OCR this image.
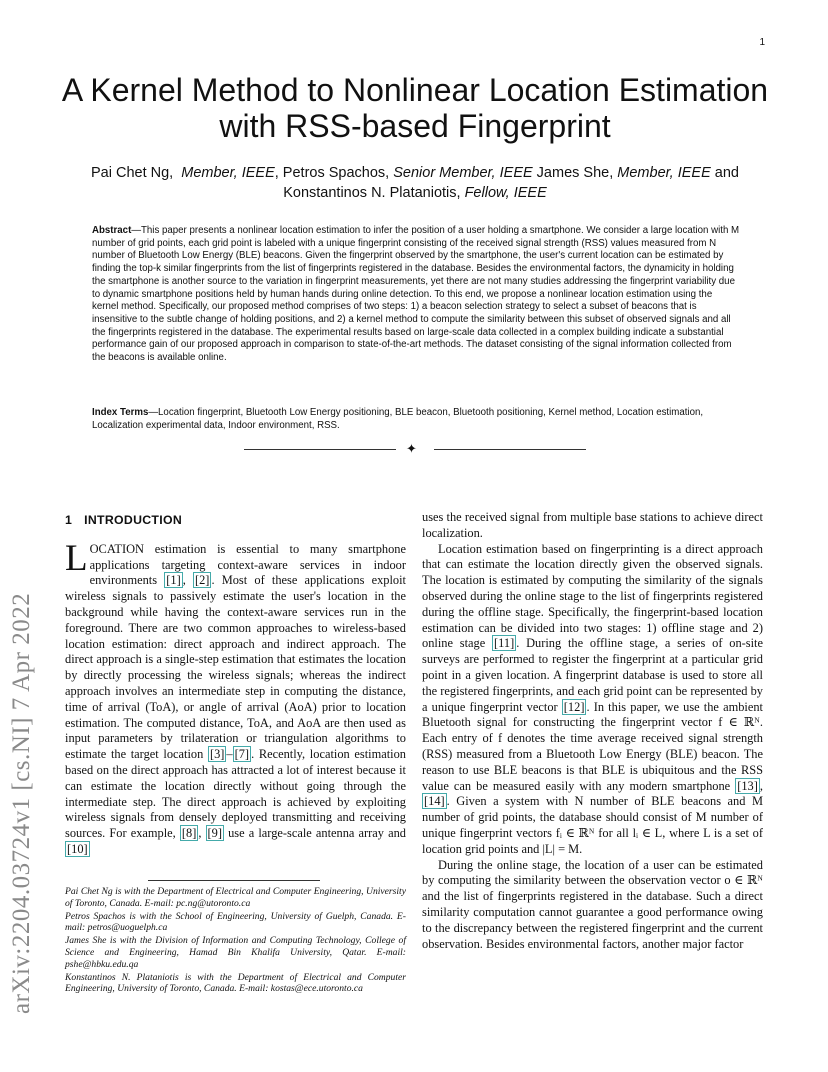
1
arXiv:2204.03724v1 [cs.NI] 7 Apr 2022
A Kernel Method to Nonlinear Location Estimation with RSS-based Fingerprint
Pai Chet Ng, Member, IEEE, Petros Spachos, Senior Member, IEEE James She, Member, IEEE and
Konstantinos N. Plataniotis, Fellow, IEEE
Abstract—This paper presents a nonlinear location estimation to infer the position of a user holding a smartphone. We consider a large location with M number of grid points, each grid point is labeled with a unique fingerprint consisting of the received signal strength (RSS) values measured from N number of Bluetooth Low Energy (BLE) beacons. Given the fingerprint observed by the smartphone, the user's current location can be estimated by finding the top-k similar fingerprints from the list of fingerprints registered in the database. Besides the environmental factors, the dynamicity in holding the smartphone is another source to the variation in fingerprint measurements, yet there are not many studies addressing the fingerprint variability due to dynamic smartphone positions held by human hands during online detection. To this end, we propose a nonlinear location estimation using the kernel method. Specifically, our proposed method comprises of two steps: 1) a beacon selection strategy to select a subset of beacons that is insensitive to the subtle change of holding positions, and 2) a kernel method to compute the similarity between this subset of observed signals and all the fingerprints registered in the database. The experimental results based on large-scale data collected in a complex building indicate a substantial performance gain of our proposed approach in comparison to state-of-the-art methods. The dataset consisting of the signal information collected from the beacons is available online.
Index Terms—Location fingerprint, Bluetooth Low Energy positioning, BLE beacon, Bluetooth positioning, Kernel method, Location estimation, Localization experimental data, Indoor environment, RSS.
✦
1 INTRODUCTION

LOCATION estimation is essential to many smartphone applications targeting context-aware services in indoor environments [1] , [2] . Most of these applications exploit wireless signals to passively estimate the user's location in the background while having the context-aware services run in the foreground. There are two common approaches to wireless-based location estimation: direct approach and indirect approach. The direct approach is a single-step estimation that estimates the location by directly processing the wireless signals; whereas the indirect approach involves an intermediate step in computing the distance, time of arrival (ToA), or angle of arrival (AoA) prior to location estimation. The computed distance, ToA, and AoA are then used as input parameters by trilateration or triangulation algorithms to estimate the target location [3] – [7] . Recently, location estimation based on the direct approach has attracted a lot of interest because it can estimate the location directly without going through the intermediate step. The direct approach is achieved by exploiting wireless signals from densely deployed transmitting and receiving sources. For example, [8] , [9] use a large-scale antenna array and [10]

Pai Chet Ng is with the Department of Electrical and Computer Engineering, University of Toronto, Canada. E-mail: pc.ng@utoronto.ca

Petros Spachos is with the School of Engineering, University of Guelph, Canada. E-mail: petros@uoguelph.ca

James She is with the Division of Information and Computing Technology, College of Science and Engineering, Hamad Bin Khalifa University, Qatar. E-mail: pshe@hbku.edu.qa

Konstantinos N. Plataniotis is with the Department of Electrical and Computer Engineering, University of Toronto, Canada. E-mail: kostas@ece.utoronto.ca

uses the received signal from multiple base stations to achieve direct localization.

Location estimation based on fingerprinting is a direct approach that can estimate the location directly given the observed signals. The location is estimated by computing the similarity of the signals observed during the online stage to the list of fingerprints registered during the offline stage. Specifically, the fingerprint-based location estimation can be divided into two stages: 1) offline stage and 2) online stage [11] . During the offline stage, a series of on-site surveys are performed to register the fingerprint at a particular grid point in a given location. A fingerprint database is used to store all the registered fingerprints, and each grid point can be represented by a unique fingerprint vector [12] . In this paper, we use the ambient Bluetooth signal for constructing the fingerprint vector f ∈ ℝᴺ. Each entry of f denotes the time average received signal strength (RSS) measured from a Bluetooth Low Energy (BLE) beacon. The reason to use BLE beacons is that BLE is ubiquitous and the RSS value can be measured easily with any modern smartphone [13] , [14] . Given a system with N number of BLE beacons and M number of grid points, the database should consist of M number of unique fingerprint vectors fᵢ ∈ ℝᴺ for all lᵢ ∈ L, where L is a set of location grid points and |L| = M.

During the online stage, the location of a user can be estimated by computing the similarity between the observation vector o ∈ ℝᴺ and the list of fingerprints registered in the database. Such a direct similarity computation cannot guarantee a good performance owing to the discrepancy between the registered fingerprint and the current observation. Besides environmental factors, another major factor
